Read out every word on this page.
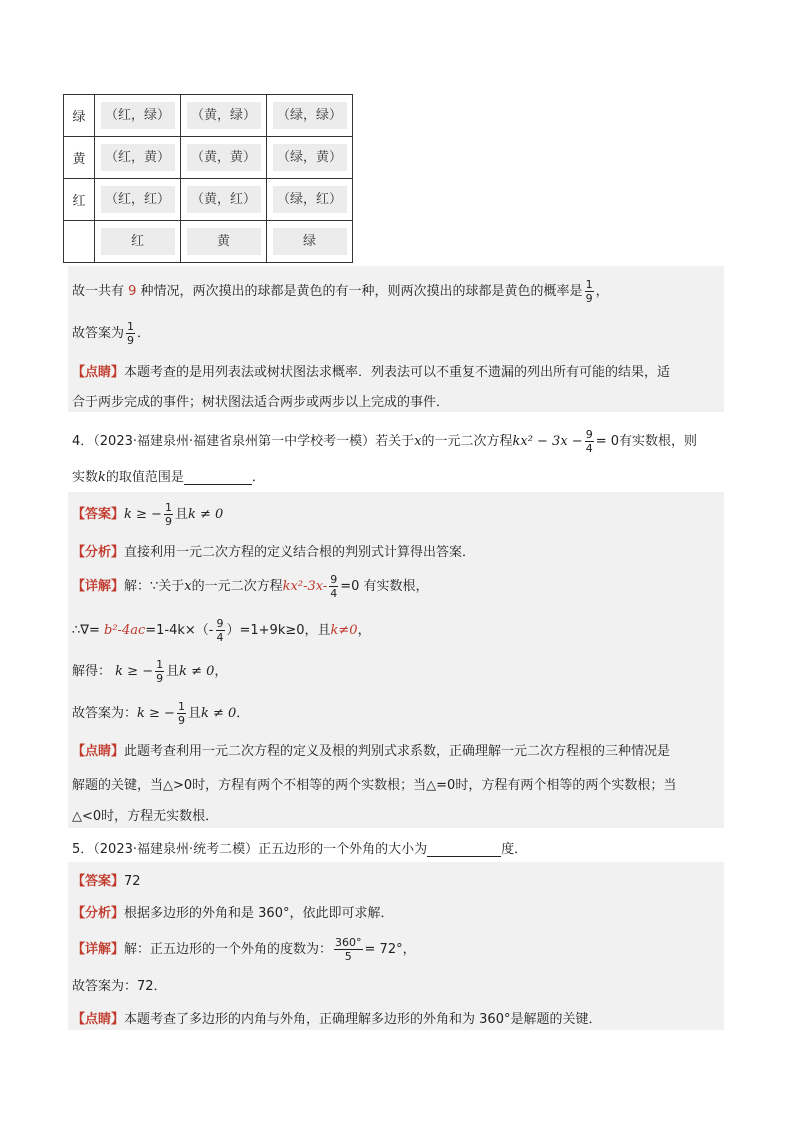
绿	（红，绿）	（黄，绿）	（绿，绿）
黄	（红，黄）	（黄，黄）	（绿，黄）
红	（红，红）	（黄，红）	（绿，红）
	红	黄	绿
故一共有 9 种情况，两次摸出的球都是黄色的有一种，则两次摸出的球都是黄色的概率是 $\frac{1}{9}$ ，
故答案为 $\frac{1}{9}$ ．
【点睛】本题考查的是用列表法或树状图法求概率．列表法可以不重复不遗漏的列出所有可能的结果，适
合于两步完成的事件；树状图法适合两步或两步以上完成的事件．
4．（2023·福建泉州·福建省泉州第一中学校考一模）若关于x的一元二次方程$kx^2 - 3x - \frac{9}{4} = 0$有实数根，则
实数k的取值范围是	．
【答案】k ≥ − $\frac{1}{9}$ 且k ≠ 0
【分析】直接利用一元二次方程的定义结合根的判别式计算得出答案．
【详解】解：∵关于x的一元二次方程$kx^2-3x- \frac{9}{4} =0$ 有实数根，
∴∇= $b^2-4ac=1-4k\times(- \frac{9}{4} )=1+9k\ge 0$，且k≠0，
解得： k ≥ − $\frac{1}{9}$ 且k ≠ 0，
故答案为：k ≥ − $\frac{1}{9}$ 且k ≠ 0．
【点睛】此题考查利用一元二次方程的定义及根的判别式求系数，正确理解一元二次方程根的三种情况是
解题的关键，当△>0时，方程有两个不相等的两个实数根；当△=0时，方程有两个相等的两个实数根；当
△<0时，方程无实数根．
5．（2023·福建泉州·统考二模）正五边形的一个外角的大小为	度．
【答案】72
【分析】根据多边形的外角和是 360°，依此即可求解．
【详解】解：正五边形的一个外角的度数为： $\frac{360^\circ}{5} = 72^\circ$，
故答案为：72．
【点睛】本题考查了多边形的内角与外角，正确理解多边形的外角和为 360°是解题的关键．
